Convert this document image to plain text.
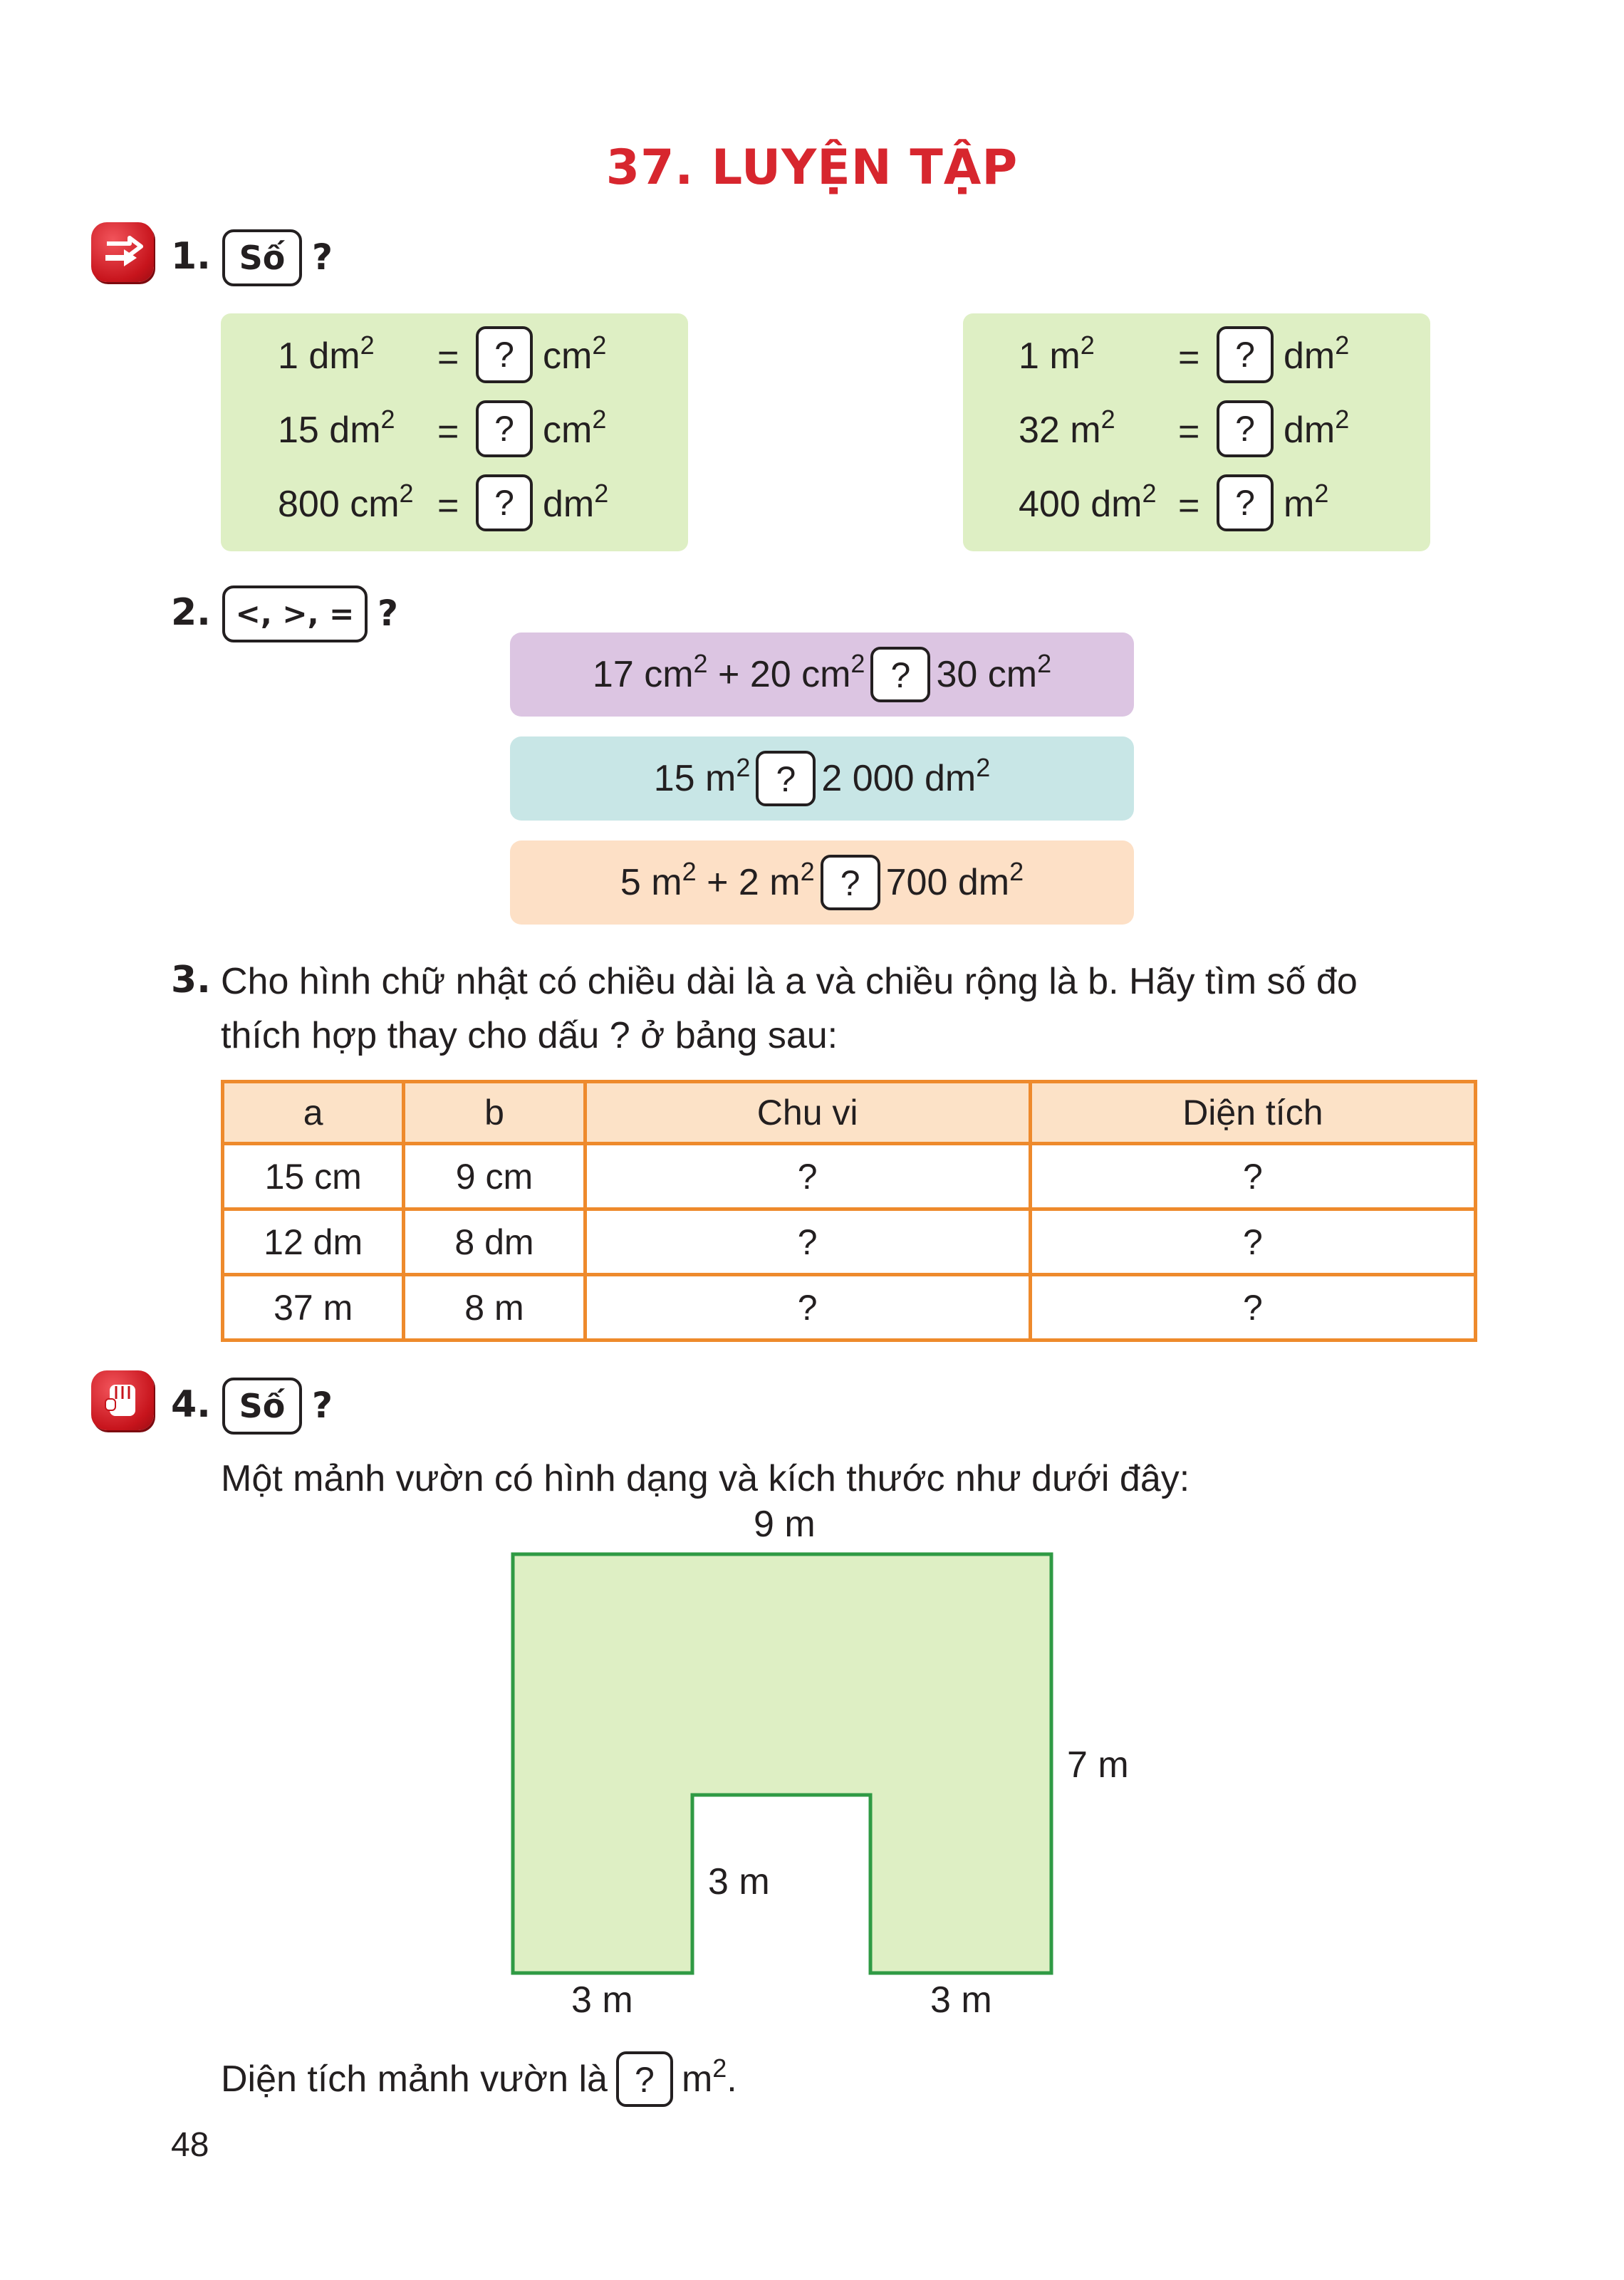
37. LUYỆN TẬP
1. Số ?
1 $dm^2$ = ? $cm^2$
15 $dm^2$ = ? $cm^2$
800 $cm^2$ = ? $dm^2$
1 $m^2$ = ? $dm^2$
32 $m^2$ = ? $dm^2$
400 $dm^2$ = ? $m^2$
2. <, >, = ?
17 $cm^2 + 20$ $cm^2$ ? 30 $cm^2$
15 $m^2$ ? 2 000 $dm^2$
5 $m^2 + 2$ $m^2$ ? 700 $dm^2$
3. Cho hình chữ nhật có chiều dài là a và chiều rộng là b. Hãy tìm số đo
thích hợp thay cho dấu ? ở bảng sau:
a	b	Chu vi	Diện tích
15 cm	9 cm	?	?
12 dm	8 dm	?	?
37 m	8 m	?	?
4. Số ?
Một mảnh vườn có hình dạng và kích thước như dưới đây:
9 m
7 m
3 m
3 m	3 m
Diện tích mảnh vườn là ? $m^2$.
48
